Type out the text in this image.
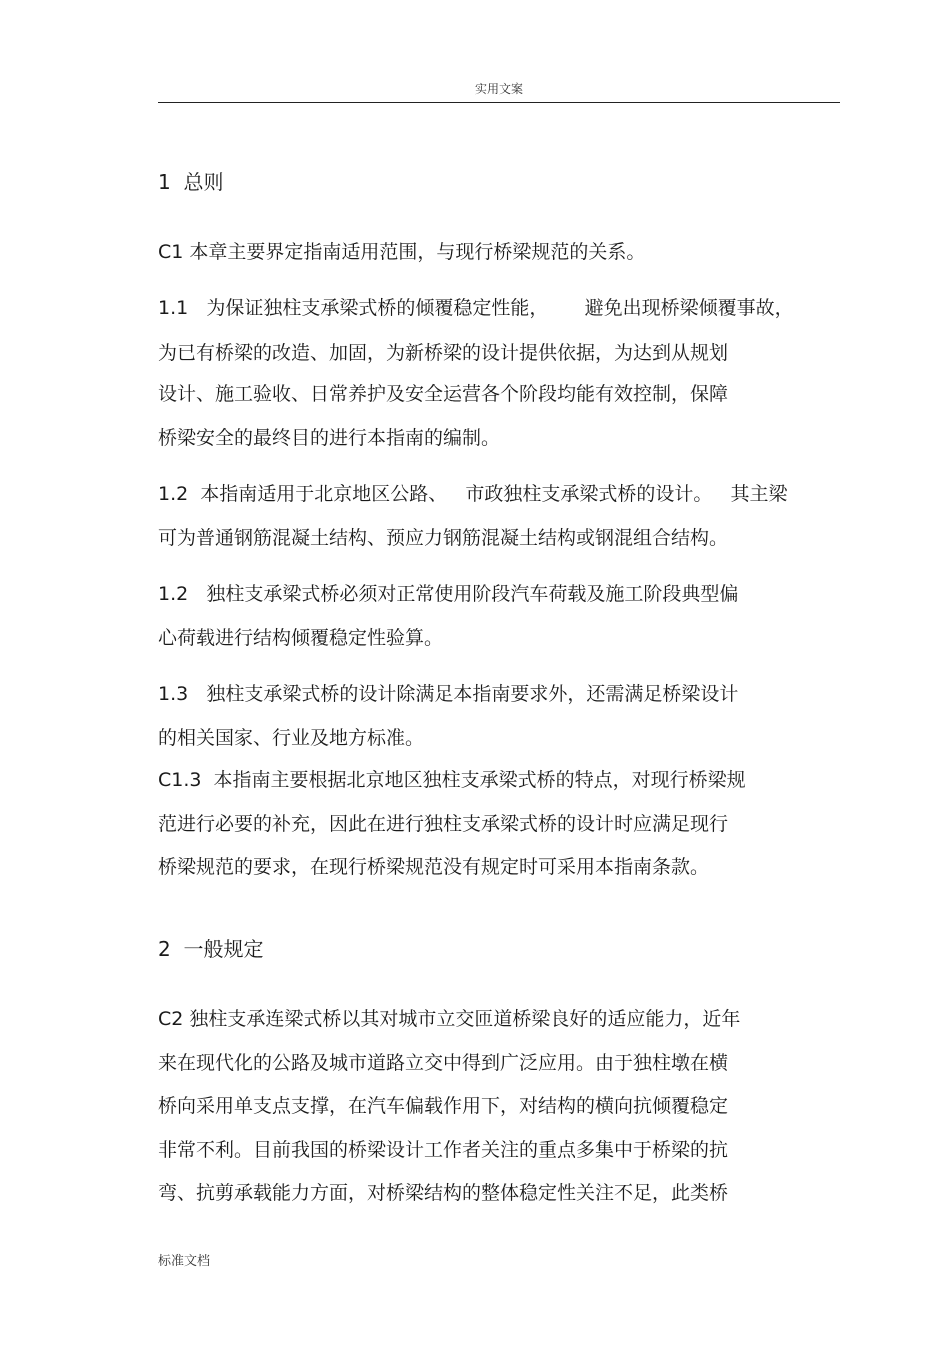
实用文案
1  总则
C1 本章主要界定指南适用范围，与现行桥梁规范的关系。
1.1   为保证独柱支承梁式桥的倾覆稳定性能，      避免出现桥梁倾覆事故，
为已有桥梁的改造、加固，为新桥梁的设计提供依据，为达到从规划
设计、施工验收、日常养护及安全运营各个阶段均能有效控制，保障
桥梁安全的最终目的进行本指南的编制。
1.2  本指南适用于北京地区公路、   市政独柱支承梁式桥的设计。   其主梁
可为普通钢筋混凝土结构、预应力钢筋混凝土结构或钢混组合结构。
1.2   独柱支承梁式桥必须对正常使用阶段汽车荷载及施工阶段典型偏
心荷载进行结构倾覆稳定性验算。
1.3   独柱支承梁式桥的设计除满足本指南要求外，还需满足桥梁设计
的相关国家、行业及地方标准。
C1.3  本指南主要根据北京地区独柱支承梁式桥的特点，对现行桥梁规
范进行必要的补充，因此在进行独柱支承梁式桥的设计时应满足现行
桥梁规范的要求，在现行桥梁规范没有规定时可采用本指南条款。
2  一般规定
C2 独柱支承连梁式桥以其对城市立交匝道桥梁良好的适应能力，近年
来在现代化的公路及城市道路立交中得到广泛应用。由于独柱墩在横
桥向采用单支点支撑，在汽车偏载作用下，对结构的横向抗倾覆稳定
非常不利。目前我国的桥梁设计工作者关注的重点多集中于桥梁的抗
弯、抗剪承载能力方面，对桥梁结构的整体稳定性关注不足，此类桥
标准文档
